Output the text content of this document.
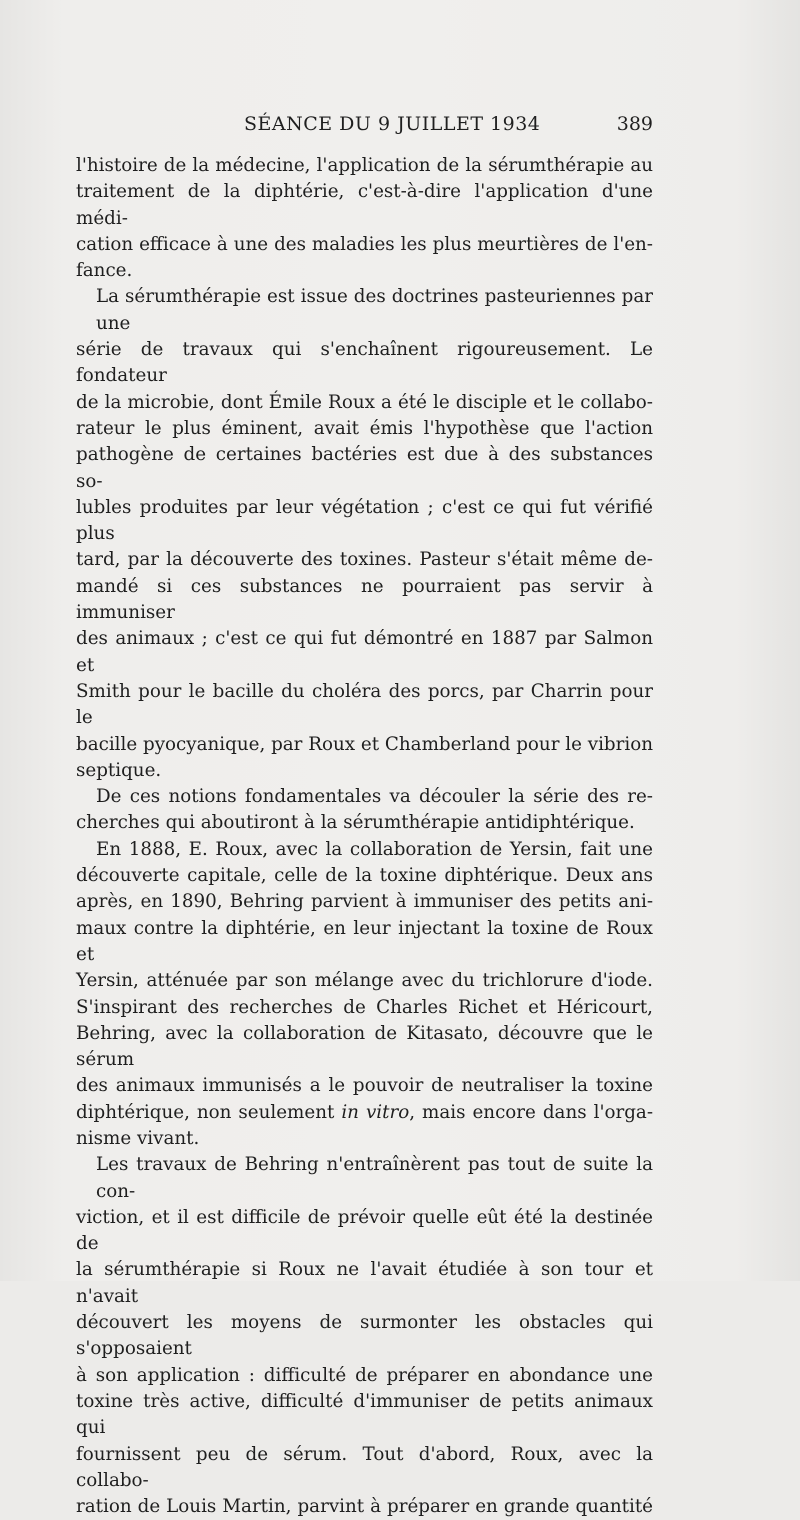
SÉANCE DU 9 JUILLET 1934	389

l'histoire de la médecine, l'application de la sérumthérapie au
traitement de la diphtérie, c'est-à-dire l'application d'une médi-
cation efficace à une des maladies les plus meurtières de l'en-
fance.

La sérumthérapie est issue des doctrines pasteuriennes par une
série de travaux qui s'enchaînent rigoureusement. Le fondateur
de la microbie, dont Émile Roux a été le disciple et le collabo-
rateur le plus éminent, avait émis l'hypothèse que l'action
pathogène de certaines bactéries est due à des substances so-
lubles produites par leur végétation ; c'est ce qui fut vérifié plus
tard, par la découverte des toxines. Pasteur s'était même de-
mandé si ces substances ne pourraient pas servir à immuniser
des animaux ; c'est ce qui fut démontré en 1887 par Salmon et
Smith pour le bacille du choléra des porcs, par Charrin pour le
bacille pyocyanique, par Roux et Chamberland pour le vibrion
septique.

De ces notions fondamentales va découler la série des re-
cherches qui aboutiront à la sérumthérapie antidiphtérique.

En 1888, E. Roux, avec la collaboration de Yersin, fait une
découverte capitale, celle de la toxine diphtérique. Deux ans
après, en 1890, Behring parvient à immuniser des petits ani-
maux contre la diphtérie, en leur injectant la toxine de Roux et
Yersin, atténuée par son mélange avec du trichlorure d'iode.
S'inspirant des recherches de Charles Richet et Héricourt,
Behring, avec la collaboration de Kitasato, découvre que le sérum
des animaux immunisés a le pouvoir de neutraliser la toxine
diphtérique, non seulement in vitro, mais encore dans l'orga-
nisme vivant.

Les travaux de Behring n'entraînèrent pas tout de suite la con-
viction, et il est difficile de prévoir quelle eût été la destinée de
la sérumthérapie si Roux ne l'avait étudiée à son tour et n'avait
découvert les moyens de surmonter les obstacles qui s'opposaient
à son application : difficulté de préparer en abondance une
toxine très active, difficulté d'immuniser de petits animaux qui
fournissent peu de sérum. Tout d'abord, Roux, avec la collabo-
ration de Louis Martin, parvint à préparer en grande quantité
